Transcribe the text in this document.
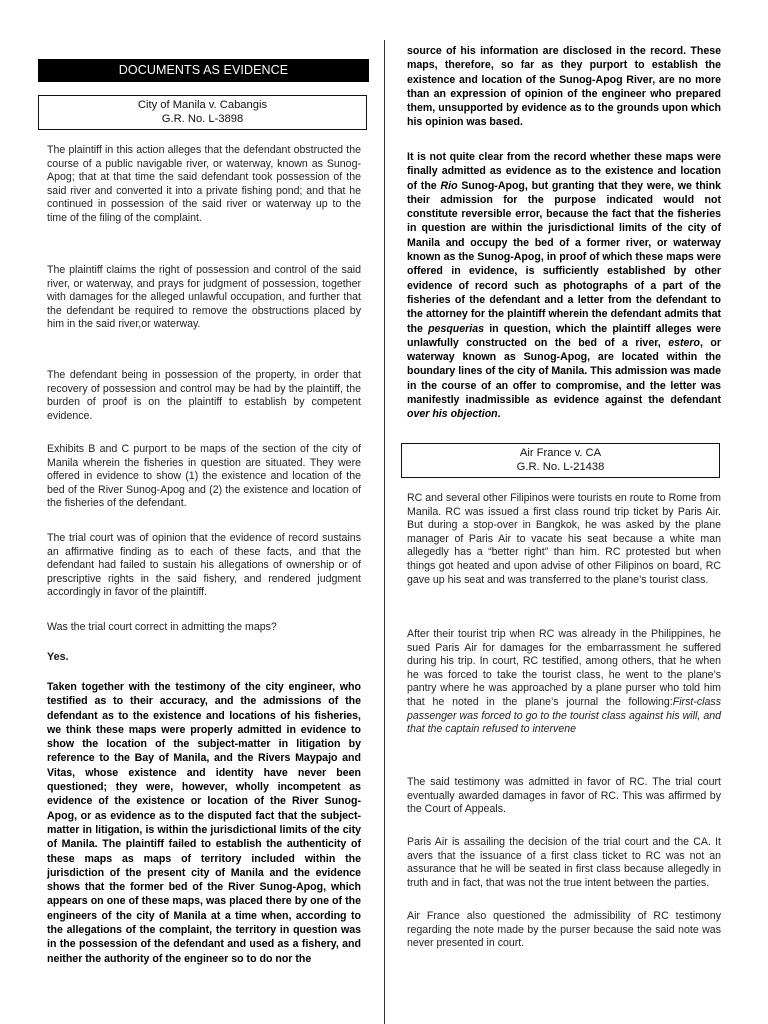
DOCUMENTS AS EVIDENCE
City of Manila v. Cabangis
G.R. No. L-3898

The plaintiff in this action alleges that the defendant obstructed the course of a public navigable river, or waterway, known as Sunog-Apog; that at that time the said defendant took possession of the said river and converted it into a private fishing pond; and that he continued in possession of the said river or waterway up to the time of the filing of the complaint.

The plaintiff claims the right of possession and control of the said river, or waterway, and prays for judgment of possession, together with damages for the alleged unlawful occupation, and further that the defendant be required to remove the obstructions placed by him in the said river,or waterway.

The defendant being in possession of the property, in order that recovery of possession and control may be had by the plaintiff, the burden of proof is on the plaintiff to establish by competent evidence.

Exhibits B and C purport to be maps of the section of the city of Manila wherein the fisheries in question are situated. They were offered in evidence to show (1) the existence and location of the bed of the River Sunog-Apog and (2) the existence and location of the fisheries of the defendant.

The trial court was of opinion that the evidence of record sustains an affirmative finding as to each of these facts, and that the defendant had failed to sustain his allegations of ownership or of prescriptive rights in the said fishery, and rendered judgment accordingly in favor of the plaintiff.

Was the trial court correct in admitting the maps?

Yes.

Taken together with the testimony of the city engineer, who testified as to their accuracy, and the admissions of the defendant as to the existence and locations of his fisheries, we think these maps were properly admitted in evidence to show the location of the subject-matter in litigation by reference to the Bay of Manila, and the Rivers Maypajo and Vitas, whose existence and identity have never been questioned; they were, however, wholly incompetent as evidence of the existence or location of the River Sunog-Apog, or as evidence as to the disputed fact that the subject-matter in litigation, is within the jurisdictional limits of the city of Manila. The plaintiff failed to establish the authenticity of these maps as maps of territory included within the jurisdiction of the present city of Manila and the evidence shows that the former bed of the River Sunog-Apog, which appears on one of these maps, was placed there by one of the engineers of the city of Manila at a time when, according to the allegations of the complaint, the territory in question was in the possession of the defendant and used as a fishery, and neither the authority of the engineer so to do nor the

source of his information are disclosed in the record. These maps, therefore, so far as they purport to establish the existence and location of the Sunog-Apog River, are no more than an expression of opinion of the engineer who prepared them, unsupported by evidence as to the grounds upon which his opinion was based.

It is not quite clear from the record whether these maps were finally admitted as evidence as to the existence and location of the Rio Sunog-Apog, but granting that they were, we think their admission for the purpose indicated would not constitute reversible error, because the fact that the fisheries in question are within the jurisdictional limits of the city of Manila and occupy the bed of a former river, or waterway known as the Sunog-Apog, in proof of which these maps were offered in evidence, is sufficiently established by other evidence of record such as photographs of a part of the fisheries of the defendant and a letter from the defendant to the attorney for the plaintiff wherein the defendant admits that the pesquerias in question, which the plaintiff alleges were unlawfully constructed on the bed of a river, estero, or waterway known as Sunog-Apog, are located within the boundary lines of the city of Manila. This admission was made in the course of an offer to compromise, and the letter was manifestly inadmissible as evidence against the defendant over his objection.

Air France v. CA
G.R. No. L-21438

RC and several other Filipinos were tourists en route to Rome from Manila. RC was issued a first class round trip ticket by Paris Air. But during a stop-over in Bangkok, he was asked by the plane manager of Paris Air to vacate his seat because a white man allegedly has a “better right” than him. RC protested but when things got heated and upon advise of other Filipinos on board, RC gave up his seat and was transferred to the plane’s tourist class.

After their tourist trip when RC was already in the Philippines, he sued Paris Air for damages for the embarrassment he suffered during his trip. In court, RC testified, among others, that he when he was forced to take the tourist class, he went to the plane’s pantry where he was approached by a plane purser who told him that he noted in the plane’s journal the following:First-class passenger was forced to go to the tourist class against his will, and that the captain refused to intervene

The said testimony was admitted in favor of RC. The trial court eventually awarded damages in favor of RC. This was affirmed by the Court of Appeals.

Paris Air is assailing the decision of the trial court and the CA. It avers that the issuance of a first class ticket to RC was not an assurance that he will be seated in first class because allegedly in truth and in fact, that was not the true intent between the parties.

Air France also questioned the admissibility of RC testimony regarding the note made by the purser because the said note was never presented in court.
